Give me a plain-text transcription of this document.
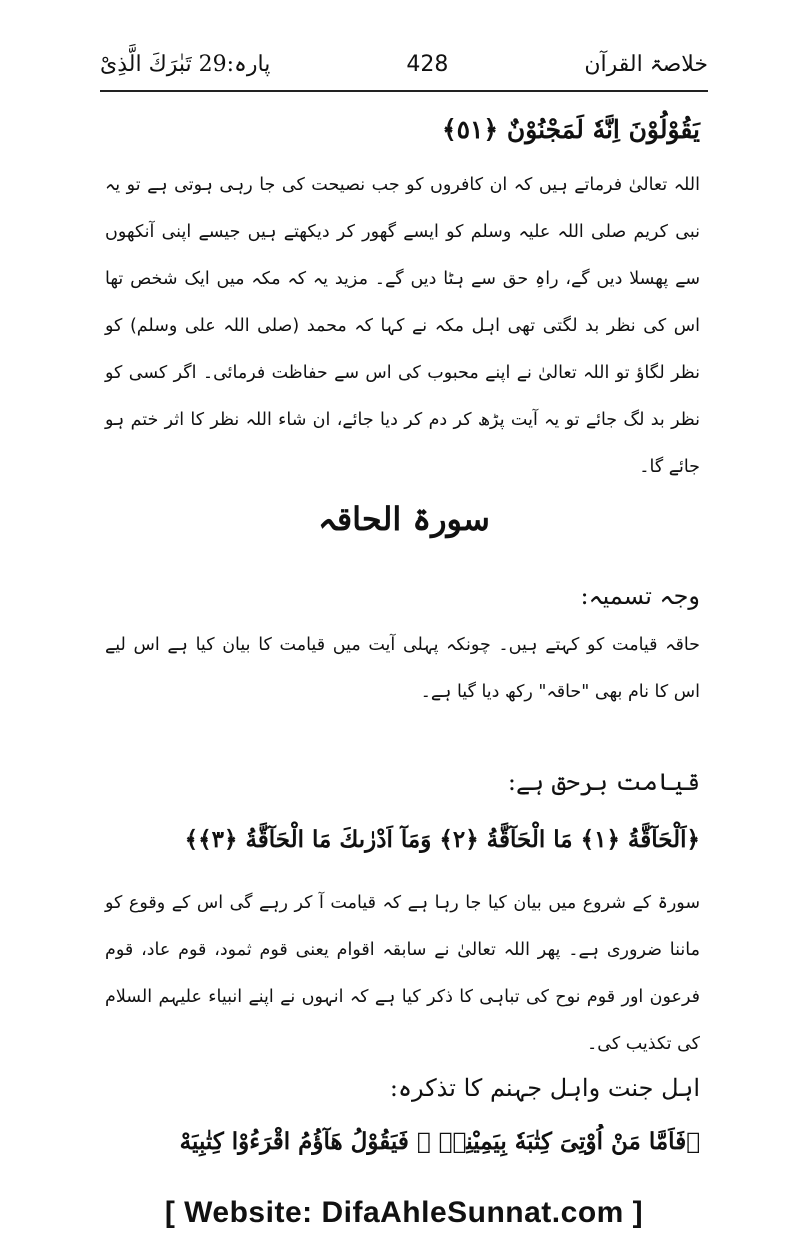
خلاصۃ القرآن
428
پارہ:29 تَبٰرَكَ الَّذِیْ
يَقُوْلُوْنَ اِنَّهٗ لَمَجْنُوْنٌ ﴿٥١﴾
اللہ تعالیٰ فرماتے ہیں کہ ان کافروں کو جب نصیحت کی جا رہی ہوتی ہے تو یہ نبی کریم صلی اللہ علیہ وسلم کو ایسے گھور کر دیکھتے ہیں جیسے اپنی آنکھوں سے پھسلا دیں گے، راہِ حق سے ہٹا دیں گے۔ مزید یہ کہ مکہ میں ایک شخص تھا اس کی نظر بد لگتی تھی اہل مکہ نے کہا کہ محمد (صلی اللہ علی وسلم) کو نظر لگاؤ تو اللہ تعالیٰ نے اپنے محبوب کی اس سے حفاظت فرمائی۔ اگر کسی کو نظر بد لگ جائے تو یہ آیت پڑھ کر دم کر دیا جائے، ان شاء اللہ نظر کا اثر ختم ہو جائے گا۔
سورۃ الحاقہ
وجہ تسمیہ:
حاقہ قیامت کو کہتے ہیں۔ چونکہ پہلی آیت میں قیامت کا بیان کیا ہے اس لیے اس کا نام بھی "حاقہ" رکھ دیا گیا ہے۔
قیامت برحق ہے:
﴿اَلْحَآقَّةُ ﴿١﴾ مَا الْحَآقَّةُ ﴿٢﴾ وَمَآ اَدْرٰىكَ مَا الْحَآقَّةُ ﴿٣﴾﴾
سورۃ کے شروع میں بیان کیا جا رہا ہے کہ قیامت آ کر رہے گی اس کے وقوع کو ماننا ضروری ہے۔ پھر اللہ تعالیٰ نے سابقہ اقوام یعنی قوم ثمود، قوم عاد، قوم فرعون اور قوم نوح کی تباہی کا ذکر کیا ہے کہ انہوں نے اپنے انبیاء علیہم السلام کی تکذیب کی۔
اہل جنت واہل جہنم کا تذکرہ:
﴿فَاَمَّا مَنْ اُوْتِىَ كِتٰبَهٗ بِيَمِيْنِهٖ ۙ فَيَقُوْلُ هَآؤُمُ اقْرَءُوْا كِتٰبِيَهْ
[ Website: DifaAhleSunnat.com ]
